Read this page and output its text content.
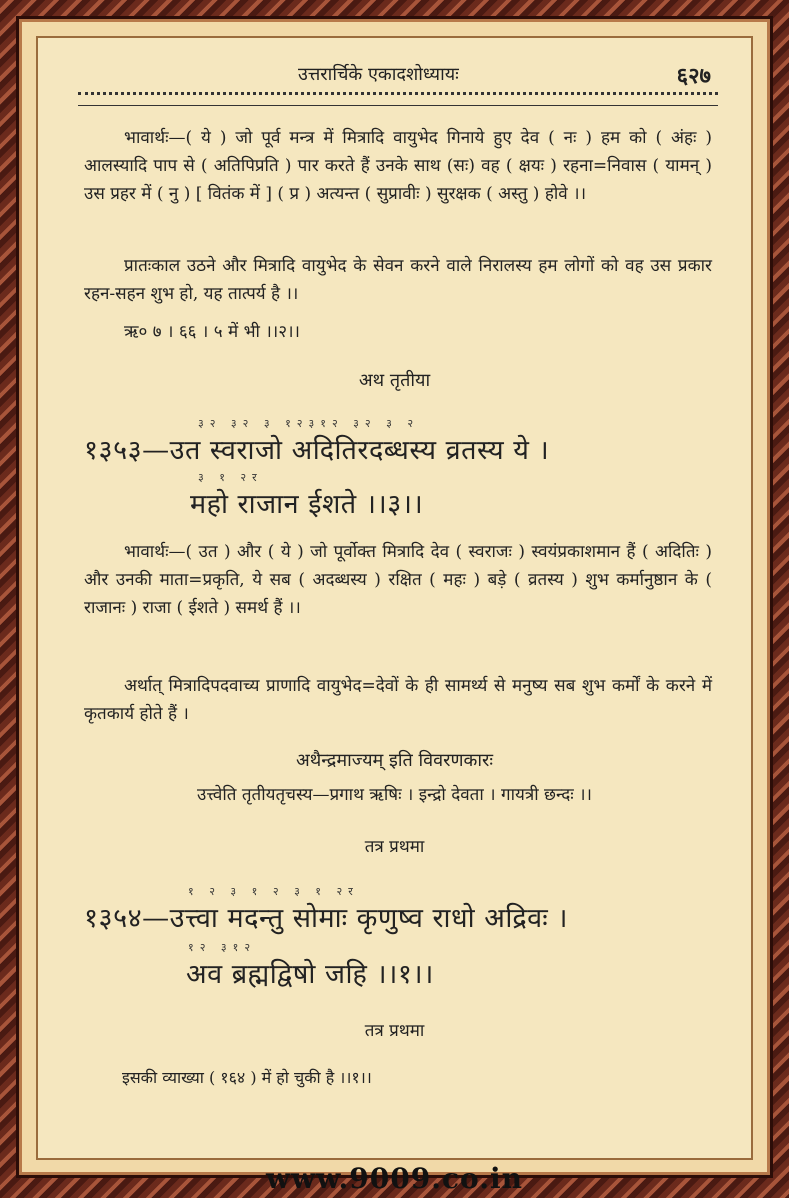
उत्तरार्चिके एकादशोध्यायः	६२७

भावार्थः—( ये ) जो पूर्व मन्त्र में मित्रादि वायुभेद गिनाये हुए देव ( नः ) हम को ( अंहः ) आलस्यादि पाप से ( अतिपिप्रति ) पार करते हैं उनके साथ (सः) वह ( क्षयः ) रहना=निवास ( यामन् ) उस प्रहर में ( नु ) [ वितंक में ] ( प्र ) अत्यन्त ( सुप्रावीः ) सुरक्षक ( अस्तु ) होवे ।।

प्रातःकाल उठने और मित्रादि वायुभेद के सेवन करने वाले निरालस्य हम लोगों को वह उस प्रकार रहन-सहन शुभ हो, यह तात्पर्य है ।।

ऋ० ७ । ६६ । ५ में भी ।।२।।

अथ तृतीया
३२ ३२ ३ १२३१२ ३२ ३ २
१३५३—उत स्वराजो अदितिरदब्धस्य व्रतस्य ये ।
३ १ २र
महो राजान ईशते ।।३।।

भावार्थः—( उत ) और ( ये ) जो पूर्वोक्त मित्रादि देव ( स्वराजः ) स्वयंप्रकाशमान हैं ( अदितिः ) और उनकी माता=प्रकृति, ये सब ( अदब्धस्य ) रक्षित ( महः ) बड़े ( व्रतस्य ) शुभ कर्मानुष्ठान के ( राजानः ) राजा ( ईशते ) समर्थ हैं ।।

अर्थात् मित्रादिपदवाच्य प्राणादि वायुभेद=देवों के ही सामर्थ्य से मनुष्य सब शुभ कर्मों के करने में कृतकार्य होते हैं ।

अथैन्द्रमाज्यम् इति विवरणकारः
उत्त्वेति तृतीयतृचस्य—प्रगाथ ऋषिः । इन्द्रो देवता । गायत्री छन्दः ।।
तत्र प्रथमा
१ २ ३ १ २ ३ १ २र
१३५४—उत्त्वा मदन्तु सोमाः कृणुष्व राधो अद्रिवः ।
१२ ३१२
अव ब्रह्मद्विषो जहि ।।१।।
तत्र प्रथमा

इसकी व्याख्या ( १६४ ) में हो चुकी है ।।१।।

www.9009.co.in
